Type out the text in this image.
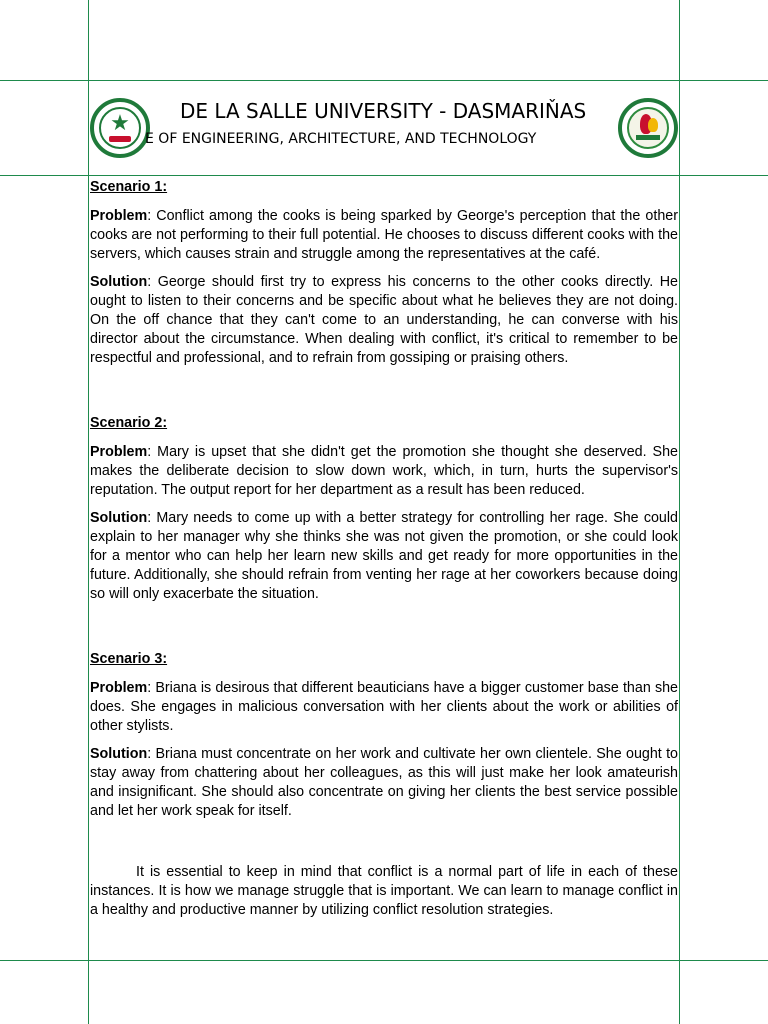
★	DE LA SALLE UNIVERSITY - DASMARIŇAS
E OF ENGINEERING, ARCHITECTURE, AND TECHNOLOGY

Scenario 1:

Problem: Conflict among the cooks is being sparked by George's perception that the other cooks are not performing to their full potential. He chooses to discuss different cooks with the servers, which causes strain and struggle among the representatives at the café.

Solution: George should first try to express his concerns to the other cooks directly. He ought to listen to their concerns and be specific about what he believes they are not doing. On the off chance that they can't come to an understanding, he can converse with his director about the circumstance. When dealing with conflict, it's critical to remember to be respectful and professional, and to refrain from gossiping or praising others.

Scenario 2:

Problem: Mary is upset that she didn't get the promotion she thought she deserved. She makes the deliberate decision to slow down work, which, in turn, hurts the supervisor's reputation. The output report for her department as a result has been reduced.

Solution: Mary needs to come up with a better strategy for controlling her rage. She could explain to her manager why she thinks she was not given the promotion, or she could look for a mentor who can help her learn new skills and get ready for more opportunities in the future. Additionally, she should refrain from venting her rage at her coworkers because doing so will only exacerbate the situation.

Scenario 3:

Problem: Briana is desirous that different beauticians have a bigger customer base than she does. She engages in malicious conversation with her clients about the work or abilities of other stylists.

Solution: Briana must concentrate on her work and cultivate her own clientele. She ought to stay away from chattering about her colleagues, as this will just make her look amateurish and insignificant. She should also concentrate on giving her clients the best service possible and let her work speak for itself.

It is essential to keep in mind that conflict is a normal part of life in each of these instances. It is how we manage struggle that is important. We can learn to manage conflict in a healthy and productive manner by utilizing conflict resolution strategies.
